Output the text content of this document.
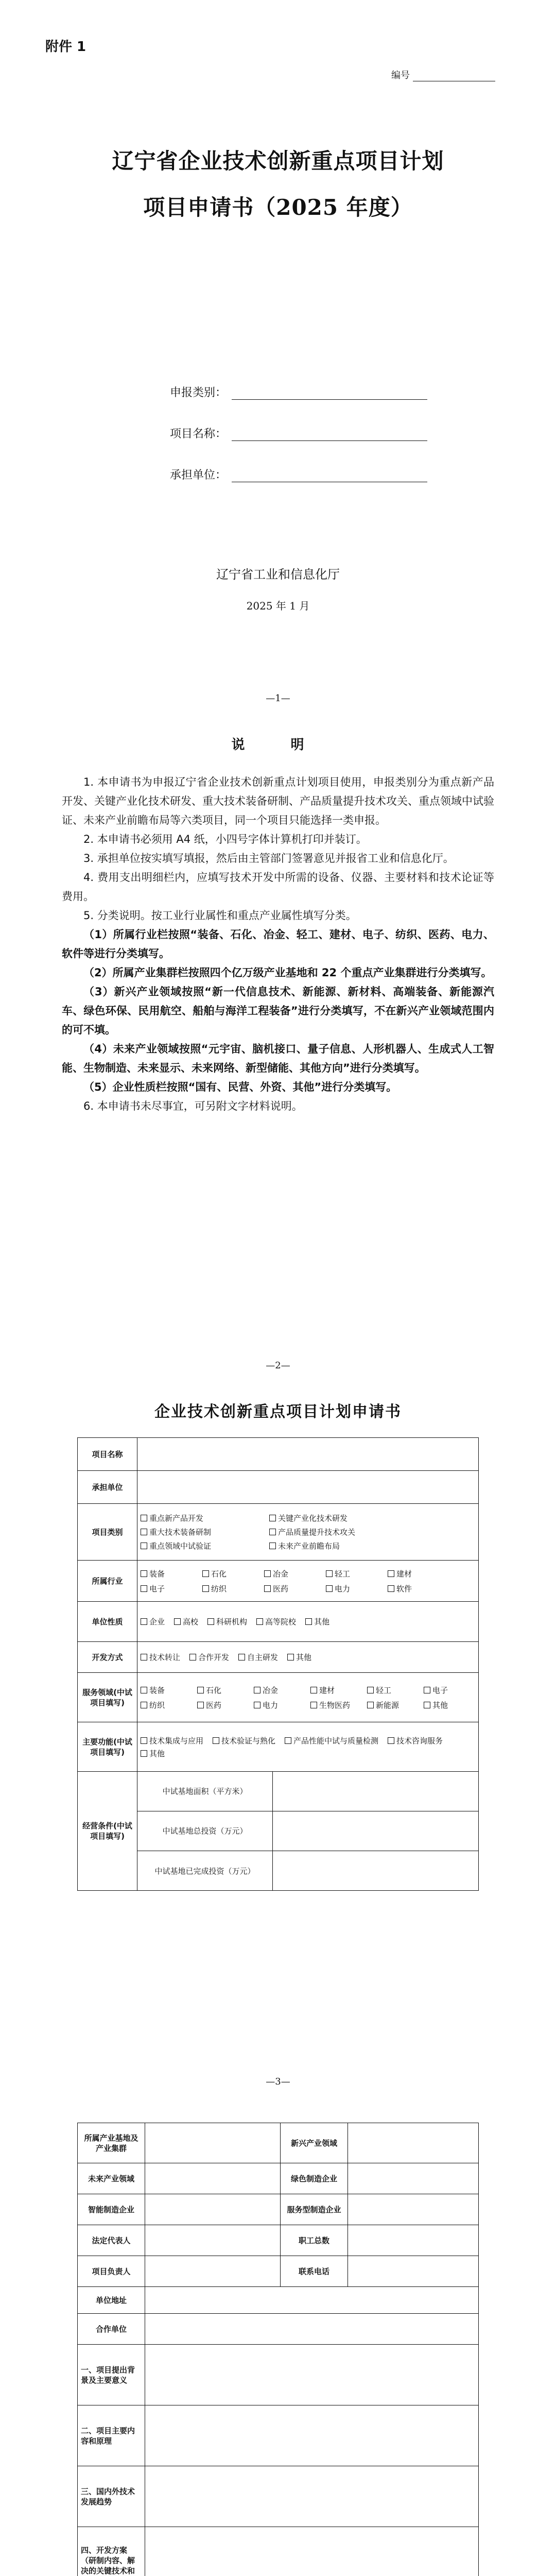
附件 1
编号
辽宁省企业技术创新重点项目计划
项目申请书（2025 年度）
申报类别：
项目名称：
承担单位：
辽宁省工业和信息化厅
2025 年 1 月
—1—
说 明

1. 本申请书为申报辽宁省企业技术创新重点计划项目使用，申报类别分为重点新产品开发、关键产业化技术研发、重大技术装备研制、产品质量提升技术攻关、重点领域中试验证、未来产业前瞻布局等六类项目，同一个项目只能选择一类申报。

2. 本申请书必须用 A4 纸，小四号字体计算机打印并装订。

3. 承担单位按实填写填报，然后由主管部门签署意见并报省工业和信息化厅。

4. 费用支出明细栏内，应填写技术开发中所需的设备、仪器、主要材料和技术论证等费用。

5. 分类说明。按工业行业属性和重点产业属性填写分类。

（1）所属行业栏按照“装备、石化、冶金、轻工、建材、电子、纺织、医药、电力、软件等进行分类填写。

（2）所属产业集群栏按照四个亿万级产业基地和 22 个重点产业集群进行分类填写。

（3）新兴产业领域按照“新一代信息技术、新能源、新材料、高端装备、新能源汽车、绿色环保、民用航空、船舶与海洋工程装备”进行分类填写，不在新兴产业领域范围内的可不填。

（4）未来产业领域按照“元宇宙、脑机接口、量子信息、人形机器人、生成式人工智能、生物制造、未来显示、未来网络、新型储能、其他方向”进行分类填写。

（5）企业性质栏按照“国有、民营、外资、其他”进行分类填写。

6. 本申请书未尽事宜，可另附文字材料说明。

—2—
企业技术创新重点项目计划申请书
项目名称	
承担单位	
项目类别	
重点新产品开发	关键产业化技术研发
重大技术装备研制	产品质量提升技术攻关
重点领域中试验证	未来产业前瞻布局

所属行业	
装备	石化	冶金	轻工	建材
电子	纺织	医药	电力	软件

单位性质	企业	高校	科研机构	高等院校	其他

开发方式	技术转让	合作开发	自主研发	其他

服务领域(中试项目填写)	
装备	石化	冶金	建材	轻工	电子
纺织	医药	电力	生物医药	新能源	其他

主要功能(中试项目填写)	
技术集成与应用	技术验证与熟化	产品性能中试与质量检测	技术咨询服务
其他

经营条件(中试项目填写)	
中试基地面积（平方米）	
中试基地总投资（万元）	
中试基地已完成投资（万元）	
—3—
所属产业基地及产业集群		新兴产业领域	
未来产业领域		绿色制造企业	
智能制造企业		服务型制造企业	
法定代表人		职工总数	
项目负责人		联系电话	
单位地址			
合作单位			
一、项目提出背景及主要意义			
二、项目主要内容和原理			
三、国内外技术发展趋势			
四、开发方案（研制内容、解决的关键技术和			
